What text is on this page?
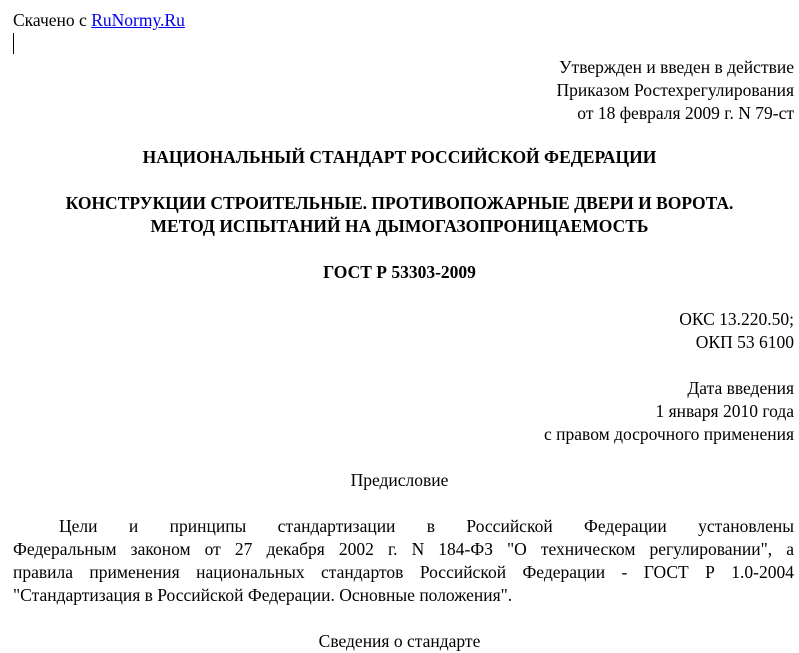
Скачено с RuNormy.Ru
Утвержден и введен в действие
Приказом Ростехрегулирования
от 18 февраля 2009 г. N 79-ст
НАЦИОНАЛЬНЫЙ СТАНДАРТ РОССИЙСКОЙ ФЕДЕРАЦИИ
КОНСТРУКЦИИ СТРОИТЕЛЬНЫЕ. ПРОТИВОПОЖАРНЫЕ ДВЕРИ И ВОРОТА.
МЕТОД ИСПЫТАНИЙ НА ДЫМОГАЗОПРОНИЦАЕМОСТЬ
ГОСТ Р 53303-2009
ОКС 13.220.50;
ОКП 53 6100
Дата введения
1 января 2010 года
с правом досрочного применения
Предисловие
Цели и принципы стандартизации в Российской Федерации установлены
Федеральным законом от 27 декабря 2002 г. N 184-ФЗ "О техническом регулировании", а
правила применения национальных стандартов Российской Федерации - ГОСТ Р 1.0-2004
"Стандартизация в Российской Федерации. Основные положения".
Сведения о стандарте
